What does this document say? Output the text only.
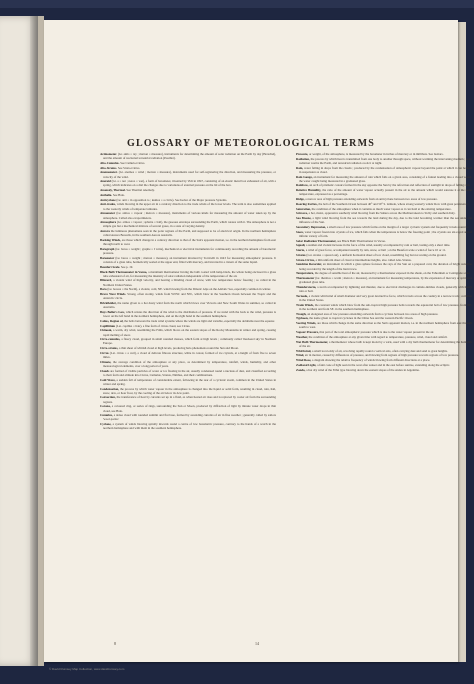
GLOSSARY OF METEOROLOGICAL TERMS

Actinometer. (Gr. aktis = ray ; metron = measure), instruments for determining the amount of solar radiation on the Earth by day (Herschel), and the amount of nocturnal terrestrial radiation (Pouillet).

Alto-Cumulus. See Cumulo-Cirrus.

Alto-Stratus. See Strato-Cirrus.

Anemometer. (Gr. anemos = wind ; metron = measure), instruments used for self-registering the direction, and measuring the pressure, or velocity of the wind.

Aneroid (Gr. a = not ; neros = wet), a form of barometer, invented by Vidi in 1847, consisting of an elastic metal box exhausted of air, with a spring, which indicates on a dial the changes due to variations of external pressure on the lid of the box.

Anomaly, Thermal. See Thermal Anomaly.

Anthelia. See Halo.

Anticyclone (Gr. anti = in opposition to ; kuklos = a circle). See Isobar of the Major pressure Systems.

Anti-trades, winds blowing in the upper air in a contrary direction to the trade winds of the lower levels. The term is also sometimes applied to the westerly winds of temperate latitudes.

Atmometer (Gr. atmos = vapour ; metron = measure), instruments of various kinds for measuring the amount of water taken up by the atmosphere. Called also evaporimeters.

Atmosphere (Gr. atmos = vapour ; sphaira = ball), the gaseous envelope surrounding the Earth, which rotates with it. The atmosphere is not a simple gas but a mechanical mixture of several gases, in a state of varying density.

Aurora the luminous phenomena seen in the polar regions of the Earth, and supposed to be of electrical origin. In the northern hemisphere called Aurora Borealis, in the southern Aurora Australis.

Backing Winds, are those which change in a contrary direction to that of the Sun's apparent motion, i.e. in the northern hemisphere from east through north to west.

Barograph (Gr. baros = weight ; graphe = I write), mechanical or electrical instruments for continuously recording the amount of barometric pressure.

Barometer (Gr. baros = weight ; metron = measure), an instrument invented by Torricelli in 1643 for measuring atmospheric pressure. It consists of a glass tube, hermetically sealed at the upper end, filled with mercury, and inverted in a cistern of the same liquid.

Beaufort Scale. See p. 19.

Black Bulb Thermometer in Vacuo, a maximum thermometer having the bulb coated with lamp-black, the whole being enclosed in a glass tube exhausted of air, for measuring the intensity of solar radiation independent of the temperature of the air.

Blizzard, a violent wind of high velocity, and bearing a blinding cloud of snow, with low temperature below freezing ; so called in the Northern United States.

Bora (Gr. boreas = the North), a violent, cold, NE. wind blowing from the Dinaric Alps on the Adriatic Sea, especially common in winter.

Brave West Winds. Strong, often stormy, winds from WNW. and NW., which blow in the Southern Ocean between the Tropic and the Antarctic circle.

Brickfielder, the name given to a hot dusty wind from the north which blows over Victoria and New South Wales in summer, so called in Australia.

Buys Ballot's Law, which relates the direction of the wind to the distribution of pressure. If we stand with the back to the wind, pressure is lower on the left hand in the northern hemisphere, and on the right hand in the southern hemisphere.

Calms, Region of, the belts between the trade wind systems where the winds are light and variable, especially the doldrums near the equator.

Capillitium (Lat. capillus = hair), a fine form of cirrus cloud, see Cirrus.

Chinook, a warm, dry wind, resembling the Föhn, which blows on the eastern slopes of the Rocky Mountains in winter and spring, causing rapid melting of snow.

Cirro-cumulus, a fleecy cloud, grouped in small rounded masses, which form at high levels ; commonly called 'mackerel sky' in Northern Europe.

Cirro-stratus, a thin sheet of whitish cloud at high levels, producing halo phenomena round the Sun and Moon.

Cirrus (Lat. cirrus = a curl), a cloud of delicate fibrous structure, white in colour, formed of ice crystals, at a height of from five to seven miles.

Climate, the average condition of the atmosphere at any place, as determined by temperature, rainfall, winds, humidity, and other meteorological elements, over a long period of years.

Clouds are formed of visible particles of water or ice floating in the air, usually condensed round a nucleus of dust, and classified according to their form and altitude into Cirrus, Cumulus, Stratus, Nimbus, and their combinations.

Cold Wave, a sudden fall of temperature of considerable extent, following in the rear of a cyclonic storm, common in the United States in winter and spring.

Condensation, the process by which water vapour in the atmosphere is changed into the liquid or solid form, resulting in cloud, rain, hail, snow, dew, or hoar frost, by the cooling of the air below its dew point.

Convection, the transference of heat by currents set up in a fluid, as when heated air rises and is replaced by cooler air from the surrounding regions.

Corona, a coloured ring, or series of rings, surrounding the Sun or Moon, produced by diffraction of light by minute water drops in thin cloud, see Halo.

Cumulus, a dense cloud with rounded summit and flat base, formed by ascending currents of air in fine weather ; generally called by sailors 'wool-packs.'

Cyclone, a system of winds blowing spirally inwards round a centre of low barometric pressure, contrary to the hands of a watch in the northern hemisphere and with them in the southern hemisphere.

Pressure, or weight, of the atmosphere, is measured by the barometer in inches of mercury or in millibars. See Isobars.

Radiation, the process by which heat is transmitted from one body to another through space, without warming the intervening medium ; solar radiation warms the Earth, and terrestrial radiation cools it at night.

Rain, water falling in drops from the clouds ; produced by the condensation of atmospheric vapour beyond the point at which it can be held in suspension as cloud.

Rain Gauge, an instrument for measuring the amount of rain which falls on a given area, consisting of a funnel leading into a closed vessel, the water caught being measured in a graduated glass.

Rainbow, an arch of prismatic colours formed in the sky opposite the Sun by the refraction and reflection of sunlight in drops of falling rain.

Relative Humidity, the ratio of the amount of water vapour actually present in the air to the amount which would saturate it at the same temperature, expressed as a percentage.

Ridge, a narrow area of high pressure extending outwards from an anticyclone between two areas of low pressure.

Roaring Forties, the belt of the Southern Ocean between 40° and 50° S. latitude, where strong westerly winds blow with great persistence.

Saturation, the condition of the atmosphere when it contains as much water vapour as it can hold at the existing temperature.

Scirocco, a hot, moist, oppressive southerly wind blowing from the Sahara across the Mediterranean to Sicily and southern Italy.

Sea Breeze, a light wind blowing from the sea towards the land during the day, due to the land becoming warmer than the sea under the influence of the Sun.

Secondary Depression, a small area of low pressure which forms on the margin of a larger cyclonic system and frequently travels round it.

Snow, water vapour frozen into crystals of ice, which falls when the temperature is below the freezing point ; the crystals are six-rayed and of infinite variety of form.

Solar Radiation Thermometer, see Black Bulb Thermometer in Vacuo.

Squall, a sudden and violent increase in the force of the wind, usually accompanied by rain or hail, lasting only a short time.

Storm, a wind of great force, accompanied usually by rain, snow, or hail ; on the Beaufort scale a wind of force 10 or 11.

Stratus (Lat. stratus = spread out), a uniform horizontal sheet of low cloud, resembling fog but not resting on the ground.

Strato-Cirrus, a thin uniform sheet of cloud at intermediate heights, also called Alto-Stratus.

Sunshine Recorder, an instrument in which a glass sphere focusses the rays of the Sun on a prepared card, the duration of bright sunshine being recorded by the length of the burnt trace.

Temperature, the degree of sensible heat of the air, measured by a thermometer exposed in the shade, on the Fahrenheit or Centigrade scale.

Thermometer (Gr. thermos = warm ; metron = measure), an instrument for measuring temperature, by the expansion of mercury or spirit in a graduated glass tube.

Thunderstorm, a storm accompanied by lightning and thunder, due to electrical discharges in cumulo-nimbus clouds, generally with heavy rain or hail.

Tornado, a violent whirlwind of small diameter and very great destructive force, which travels across the country in a narrow track ; common in the United States.

Trade Winds, the constant winds which blow from the sub-tropical high pressure belts towards the equatorial belt of low pressure, from NE. in the northern and from SE. in the southern hemisphere.

Trough, an elongated area of low pressure extending outwards from a cyclone between two areas of high pressure.

Typhoon, the name given to tropical cyclones in the China Sea and the western Pacific Ocean.

Veering Winds, are those which change in the same direction as the Sun's apparent motion, i.e. in the northern hemisphere from east through south to west.

Vapour Pressure, that part of the total atmospheric pressure which is due to the water vapour present in the air.

Weather, the condition of the atmosphere at any given time with regard to temperature, pressure, wind, cloud and rainfall.

Wet Bulb Thermometer, a thermometer whose bulb is kept moist by a wick, used with a dry bulb thermometer for determining the humidity of the air.

Whirlwind, a small local eddy of air, revolving rapidly round a vertical axis, often carrying dust and sand to great heights.

Wind, air in motion, caused by differences of pressure, and blowing from regions of high pressure towards regions of low pressure.

Wind Rose, a diagram showing the relative frequency of winds blowing from different directions at a place.

Zodiacal Light, a faint cone of light seen in the west after sunset and in the east before sunrise, extending along the ecliptic.

Zonda, a hot dry wind of the Föhn type blowing down the eastern slopes of the Andes in Argentina.

8	14
© David Rumsey Map Collection, www.davidrumsey.com
